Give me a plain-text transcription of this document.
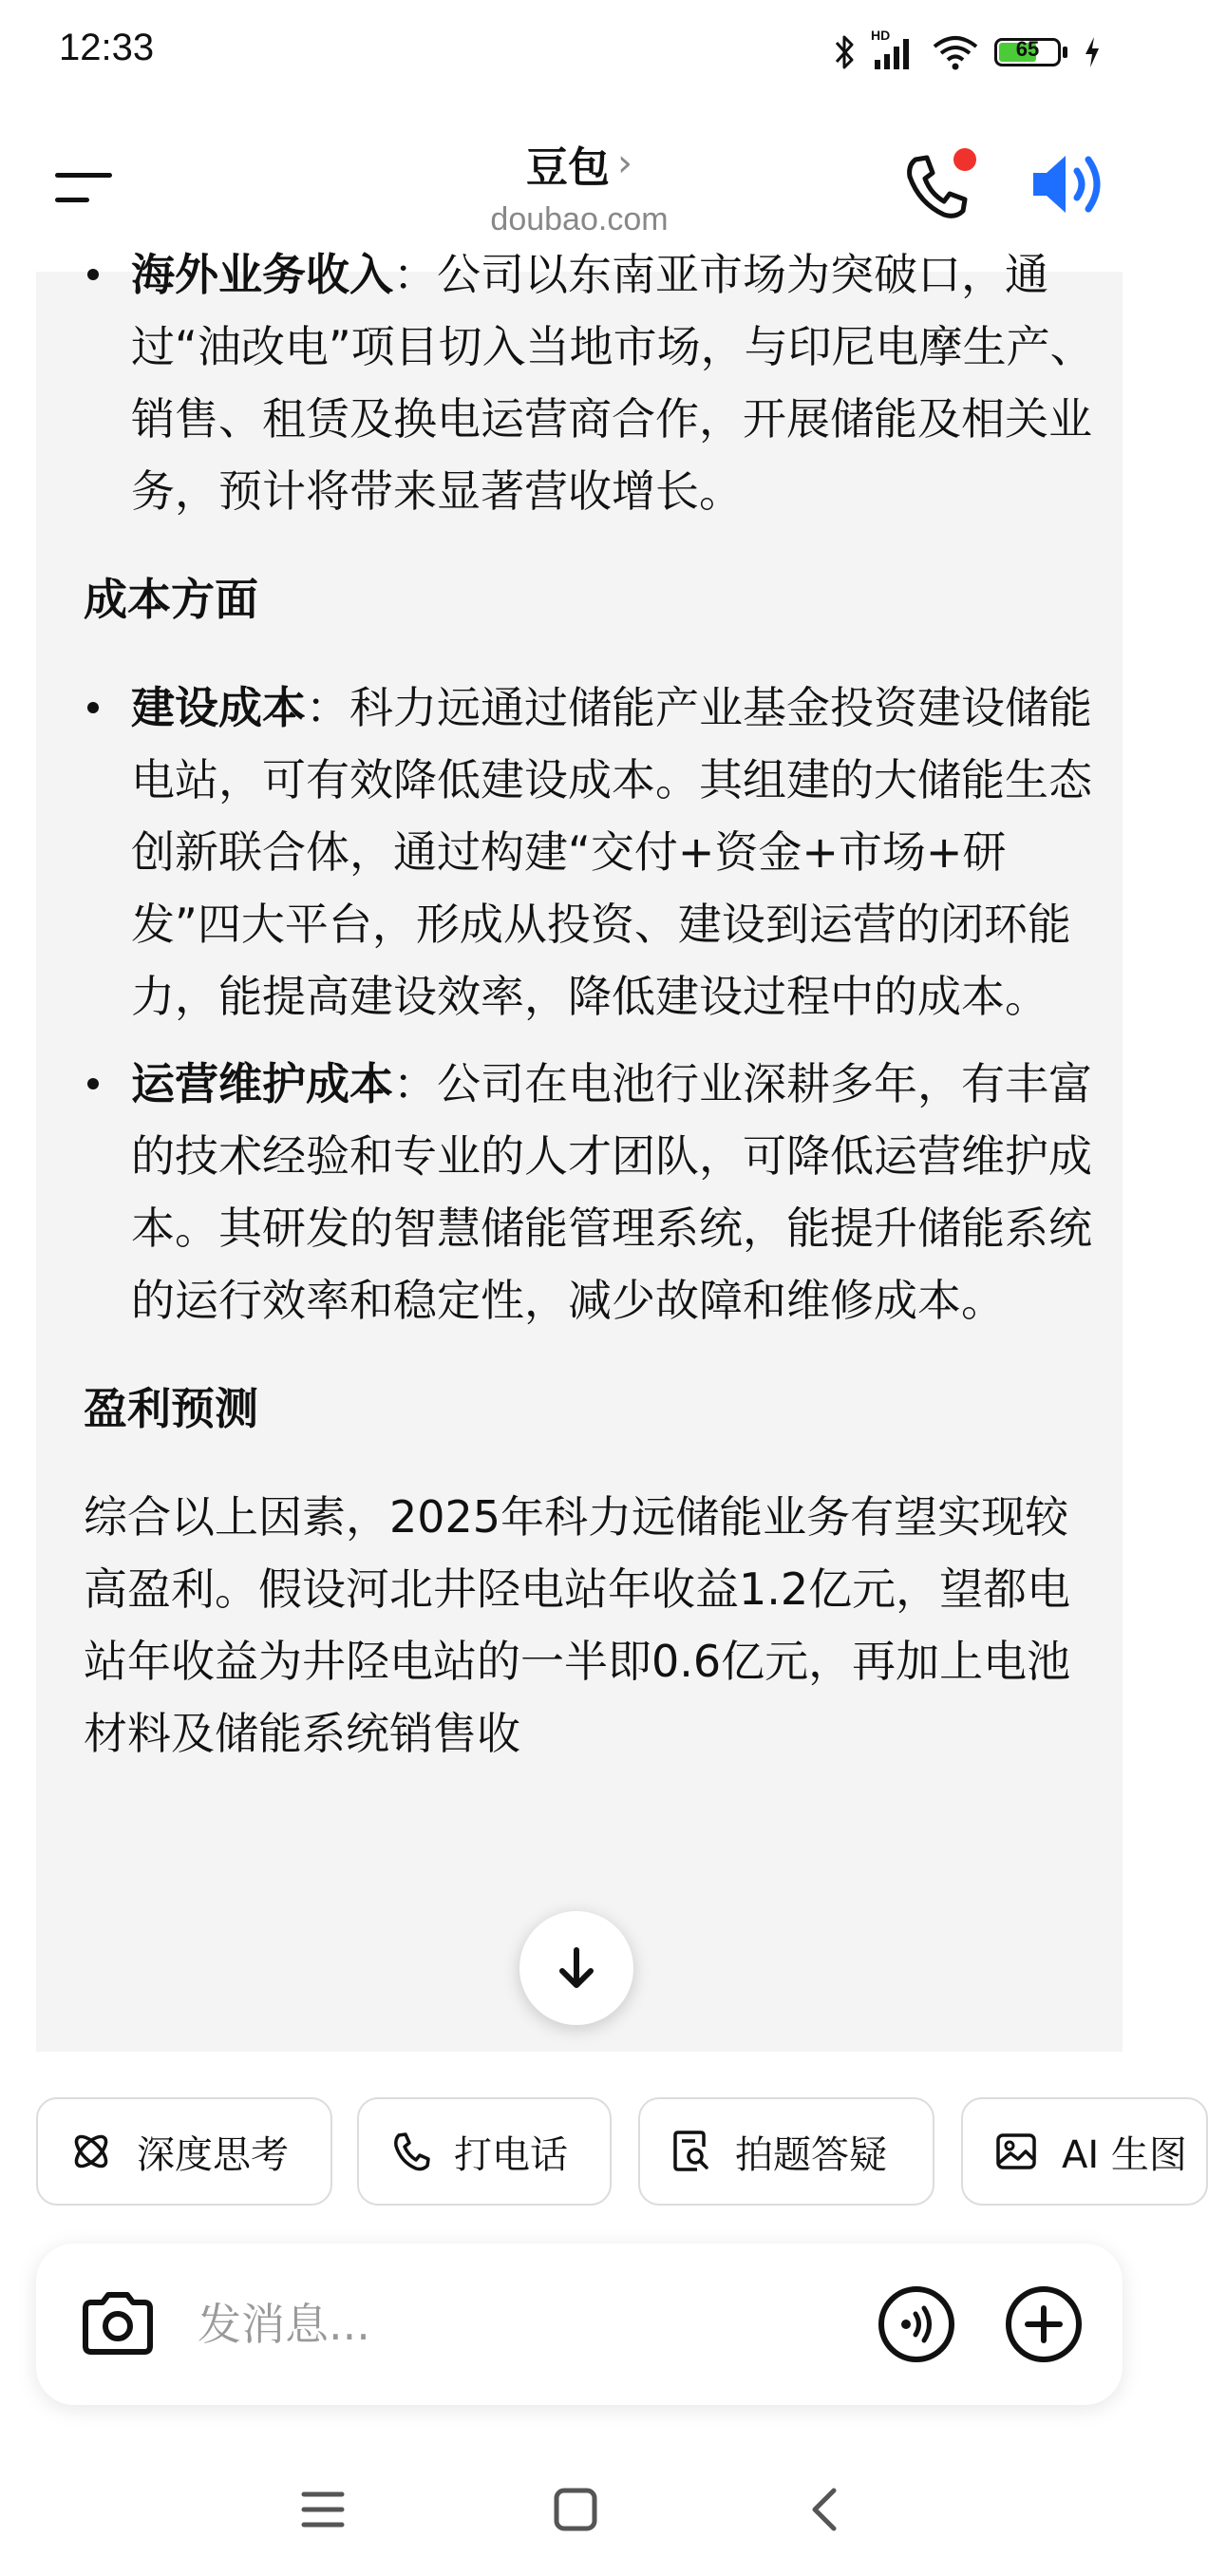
12:33	HD
65
豆包 ›
doubao.com
海外业务收入：公司以东南亚市场为突破口，通过“油改电”项目切入当地市场，与印尼电摩生产、销售、租赁及换电运营商合作，开展储能及相关业务，预计将带来显著营收增长。
成本方面
建设成本：科力远通过储能产业基金投资建设储能电站，可有效降低建设成本。其组建的大储能生态创新联合体，通过构建“交付+资金+市场+研发”四大平台，形成从投资、建设到运营的闭环能力，能提高建设效率，降低建设过程中的成本。
运营维护成本：公司在电池行业深耕多年，有丰富的技术经验和专业的人才团队，可降低运营维护成本。其研发的智慧储能管理系统，能提升储能系统的运行效率和稳定性，减少故障和维修成本。
盈利预测
综合以上因素，2025年科力远储能业务有望实现较高盈利。假设河北井陉电站年收益1.2亿元，望都电站年收益为井陉电站的一半即0.6亿元，再加上电池材料及储能系统销售收
深度思考	打电话	拍题答疑	AI 生图
发消息...
